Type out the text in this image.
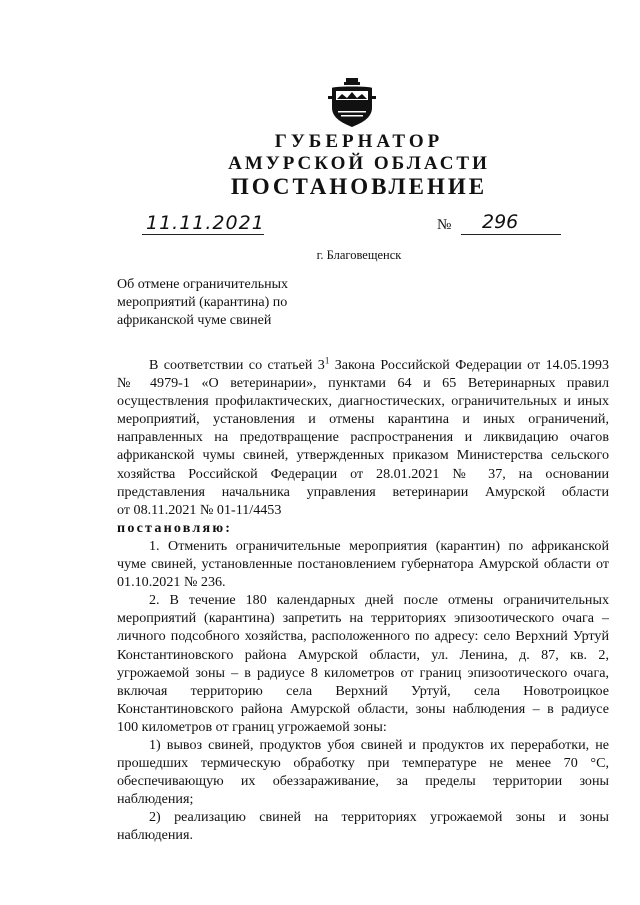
ГУБЕРНАТОР
АМУРСКОЙ ОБЛАСТИ
ПОСТАНОВЛЕНИЕ
11.11.2021	№ 296
г. Благовещенск
Об отмене ограничительных
мероприятий (карантина) по
африканской чуме свиней
В соответствии со статьей $3^1$ Закона Российской Федерации от 14.05.1993
№ 4979-1 «О ветеринарии», пунктами 64 и 65 Ветеринарных правил
осуществления профилактических, диагностических, ограничительных и иных
мероприятий, установления и отмены карантина и иных ограничений,
направленных на предотвращение распространения и ликвидацию очагов
африканской чумы свиней, утвержденных приказом Министерства сельского
хозяйства Российской Федерации от 28.01.2021 № 37, на основании
представления начальника управления ветеринарии Амурской области
от 08.11.2021 № 01-11/4453
постановляю:
1. Отменить ограничительные мероприятия (карантин) по африканской
чуме свиней, установленные постановлением губернатора Амурской области от
01.10.2021 № 236.
2. В течение 180 календарных дней после отмены ограничительных
мероприятий (карантина) запретить на территориях эпизоотического очага –
личного подсобного хозяйства, расположенного по адресу: село Верхний Уртуй
Константиновского района Амурской области, ул. Ленина, д. 87, кв. 2,
угрожаемой зоны – в радиусе 8 километров от границ эпизоотического очага,
включая территорию села Верхний Уртуй, села Новотроицкое
Константиновского района Амурской области, зоны наблюдения – в радиусе
100 километров от границ угрожаемой зоны:
1) вывоз свиней, продуктов убоя свиней и продуктов их переработки, не
прошедших термическую обработку при температуре не менее 70 °С,
обеспечивающую их обеззараживание, за пределы территории зоны
наблюдения;
2) реализацию свиней на территориях угрожаемой зоны и зоны
наблюдения.
